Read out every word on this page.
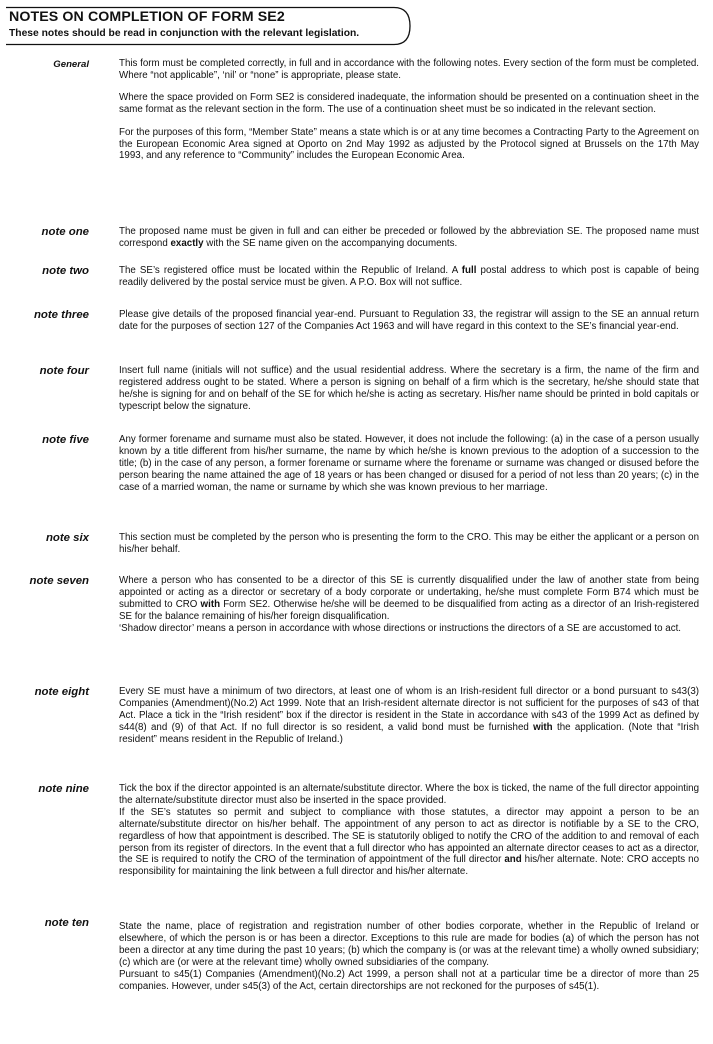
NOTES ON COMPLETION OF FORM SE2
These notes should be read in conjunction with the relevant legislation.
General	This form must be completed correctly, in full and in accordance with the following notes. Every section of the form must be completed. Where “not applicable”, ‘nil’ or “none” is appropriate, please state.

Where the space provided on Form SE2 is considered inadequate, the information should be presented on a continuation sheet in the same format as the relevant section in the form. The use of a continuation sheet must be so indicated in the relevant section.

For the purposes of this form, “Member State” means a state which is or at any time becomes a Contracting Party to the Agreement on the European Economic Area signed at Oporto on 2nd May 1992 as adjusted by the Protocol signed at Brussels on the 17th May 1993, and any reference to “Community” includes the European Economic Area.

note one	The proposed name must be given in full and can either be preceded or followed by the abbreviation SE. The proposed name must correspond exactly with the SE name given on the accompanying documents.

note two	The SE’s registered office must be located within the Republic of Ireland. A full postal address to which post is capable of being readily delivered by the postal service must be given. A P.O. Box will not suffice.

note three	Please give details of the proposed financial year-end. Pursuant to Regulation 33, the registrar will assign to the SE an annual return date for the purposes of section 127 of the Companies Act 1963 and will have regard in this context to the SE’s financial year-end.

note four	Insert full name (initials will not suffice) and the usual residential address. Where the secretary is a firm, the name of the firm and registered address ought to be stated. Where a person is signing on behalf of a firm which is the secretary, he/she should state that he/she is signing for and on behalf of the SE for which he/she is acting as secretary. His/her name should be printed in bold capitals or typescript below the signature.

note five	Any former forename and surname must also be stated. However, it does not include the following: (a) in the case of a person usually known by a title different from his/her surname, the name by which he/she is known previous to the adoption of a succession to the title; (b) in the case of any person, a former forename or surname where the forename or surname was changed or disused before the person bearing the name attained the age of 18 years or has been changed or disused for a period of not less than 20 years; (c) in the case of a married woman, the name or surname by which she was known previous to her marriage.

note six	This section must be completed by the person who is presenting the form to the CRO. This may be either the applicant or a person on his/her behalf.

note seven	Where a person who has consented to be a director of this SE is currently disqualified under the law of another state from being appointed or acting as a director or secretary of a body corporate or undertaking, he/she must complete Form B74 which must be submitted to CRO with Form SE2. Otherwise he/she will be deemed to be disqualified from acting as a director of an Irish-registered SE for the balance remaining of his/her foreign disqualification.

‘Shadow director’ means a person in accordance with whose directions or instructions the directors of a SE are accustomed to act.

note eight	Every SE must have a minimum of two directors, at least one of whom is an Irish-resident full director or a bond pursuant to s43(3) Companies (Amendment)(No.2) Act 1999. Note that an Irish-resident alternate director is not sufficient for the purposes of s43 of that Act. Place a tick in the “Irish resident” box if the director is resident in the State in accordance with s43 of the 1999 Act as defined by s44(8) and (9) of that Act. If no full director is so resident, a valid bond must be furnished with the application. (Note that “Irish resident” means resident in the Republic of Ireland.)

note nine	Tick the box if the director appointed is an alternate/substitute director. Where the box is ticked, the name of the full director appointing the alternate/substitute director must also be inserted in the space provided.

If the SE’s statutes so permit and subject to compliance with those statutes, a director may appoint a person to be an alternate/substitute director on his/her behalf. The appointment of any person to act as director is notifiable by a SE to the CRO, regardless of how that appointment is described. The SE is statutorily obliged to notify the CRO of the addition to and removal of each person from its register of directors. In the event that a full director who has appointed an alternate director ceases to act as a director, the SE is required to notify the CRO of the termination of appointment of the full director and his/her alternate. Note: CRO accepts no responsibility for maintaining the link between a full director and his/her alternate.

note ten	State the name, place of registration and registration number of other bodies corporate, whether in the Republic of Ireland or elsewhere, of which the person is or has been a director. Exceptions to this rule are made for bodies (a) of which the person has not been a director at any time during the past 10 years; (b) which the company is (or was at the relevant time) a wholly owned subsidiary; (c) which are (or were at the relevant time) wholly owned subsidiaries of the company.

Pursuant to s45(1) Companies (Amendment)(No.2) Act 1999, a person shall not at a particular time be a director of more than 25 companies. However, under s45(3) of the Act, certain directorships are not reckoned for the purposes of s45(1).
